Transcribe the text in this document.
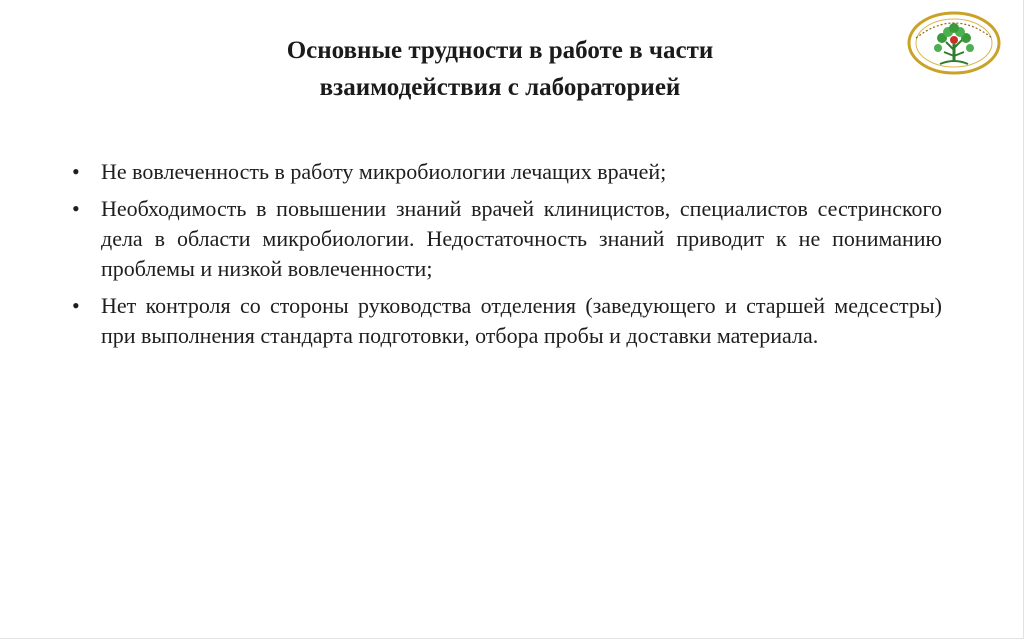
Основные трудности в работе в части
взаимодействия с лабораторией
• Не вовлеченность в работу микробиологии лечащих врачей;
• Необходимость в повышении знаний врачей клиницистов, специалистов сестринского дела в области микробиологии. Недостаточность знаний приводит к не пониманию проблемы и низкой вовлеченности;
• Нет контроля со стороны руководства отделения (заведующего и старшей медсестры) при выполнения стандарта подготовки, отбора пробы и доставки материала.
